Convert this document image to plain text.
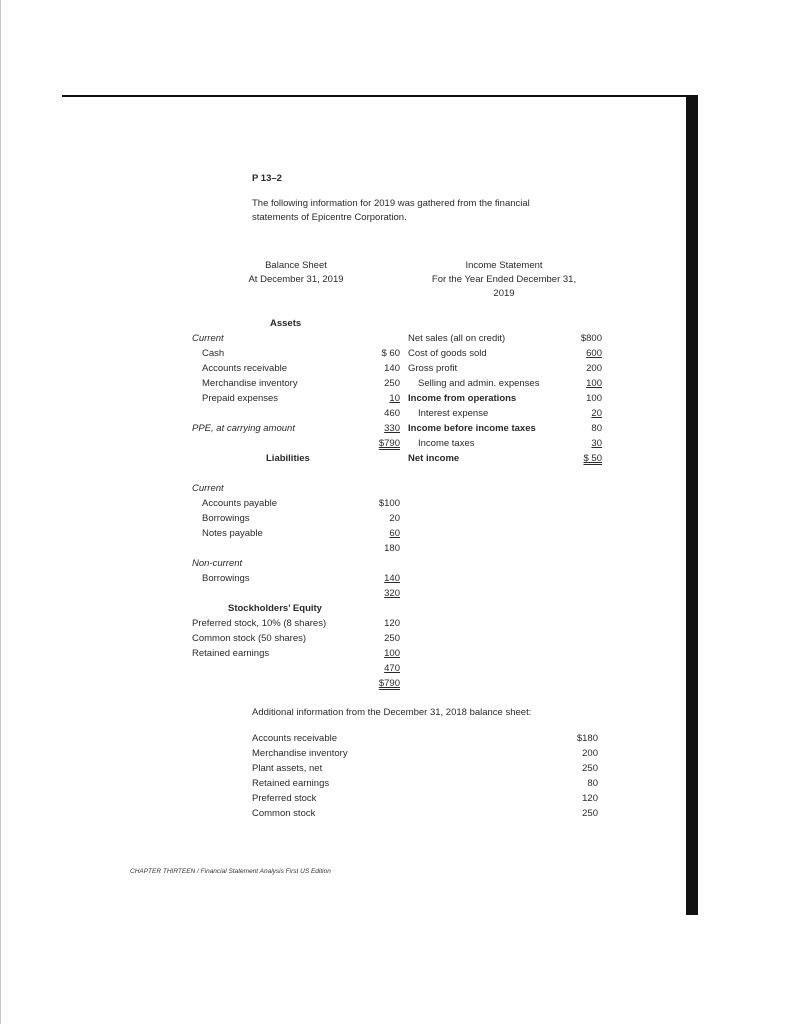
P 13–2

The following information for 2019 was gathered from the financial

statements of Epicentre Corporation.

Balance Sheet

At December 31, 2019

Income Statement

For the Year Ended December 31,

2019

Assets

Current

Cash	$ 60

Accounts receivable	140

Merchandise inventory	250

Prepaid expenses	10

460

PPE, at carrying amount	330

$790

Net sales (all on credit)	$800

Cost of goods sold	600

Gross profit	200

Selling and admin. expenses	100

Income from operations	100

Interest expense	20

Income before income taxes	80

Income taxes	30

Net income	$ 50

Liabilities

Current

Accounts payable	$100

Borrowings	20

Notes payable	60

180

Non-current

Borrowings	140

320

Stockholders’ Equity

Preferred stock, 10% (8 shares)	120

Common stock (50 shares)	250

Retained earnings	100

470

$790

Additional information from the December 31, 2018 balance sheet:

Accounts receivable	$180

Merchandise inventory	200

Plant assets, net	250

Retained earnings	80

Preferred stock	120

Common stock	250

CHAPTER THIRTEEN / Financial Statement Analysis First US Edition
